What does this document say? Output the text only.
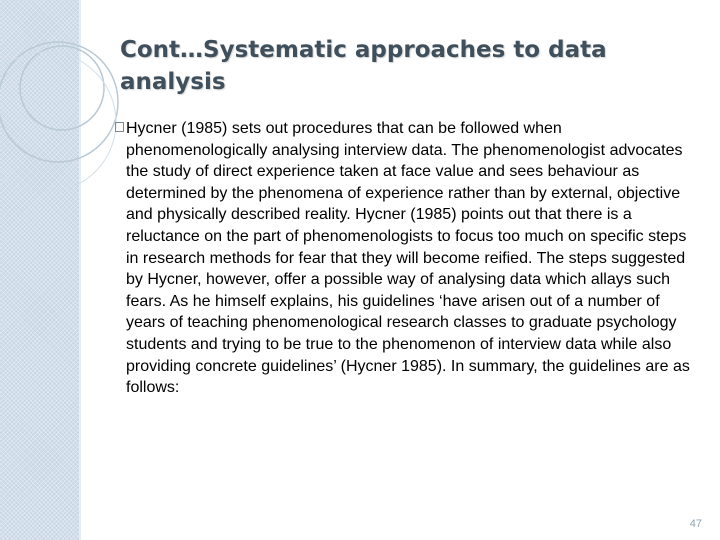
Cont…Systematic approaches to data analysis
Hycner (1985) sets out procedures that can be followed when phenomenologically analysing interview data. The phenomenologist advocates the study of direct experience taken at face value and sees behaviour as determined by the phenomena of experience rather than by external, objective and physically described reality. Hycner (1985) points out that there is a reluctance on the part of phenomenologists to focus too much on specific steps in research methods for fear that they will become reified. The steps suggested by Hycner, however, offer a possible way of analysing data which allays such fears. As he himself explains, his guidelines ‘have arisen out of a number of years of teaching phenomenological research classes to graduate psychology students and trying to be true to the phenomenon of interview data while also providing concrete guidelines’ (Hycner 1985). In summary, the guidelines are as follows:
47
